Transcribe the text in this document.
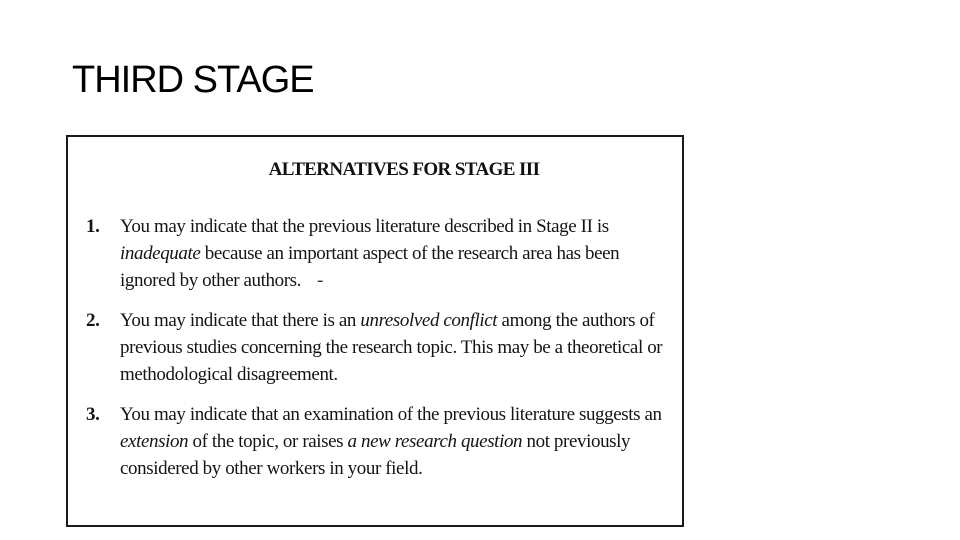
THIRD STAGE
ALTERNATIVES FOR STAGE III
1. You may indicate that the previous literature described in Stage II is inadequate because an important aspect of the research area has been ignored by other authors. -
2. You may indicate that there is an unresolved conflict among the authors of previous studies concerning the research topic. This may be a theoretical or methodological disagreement.
3. You may indicate that an examination of the previous literature suggests an extension of the topic, or raises a new research question not previously considered by other workers in your field.
